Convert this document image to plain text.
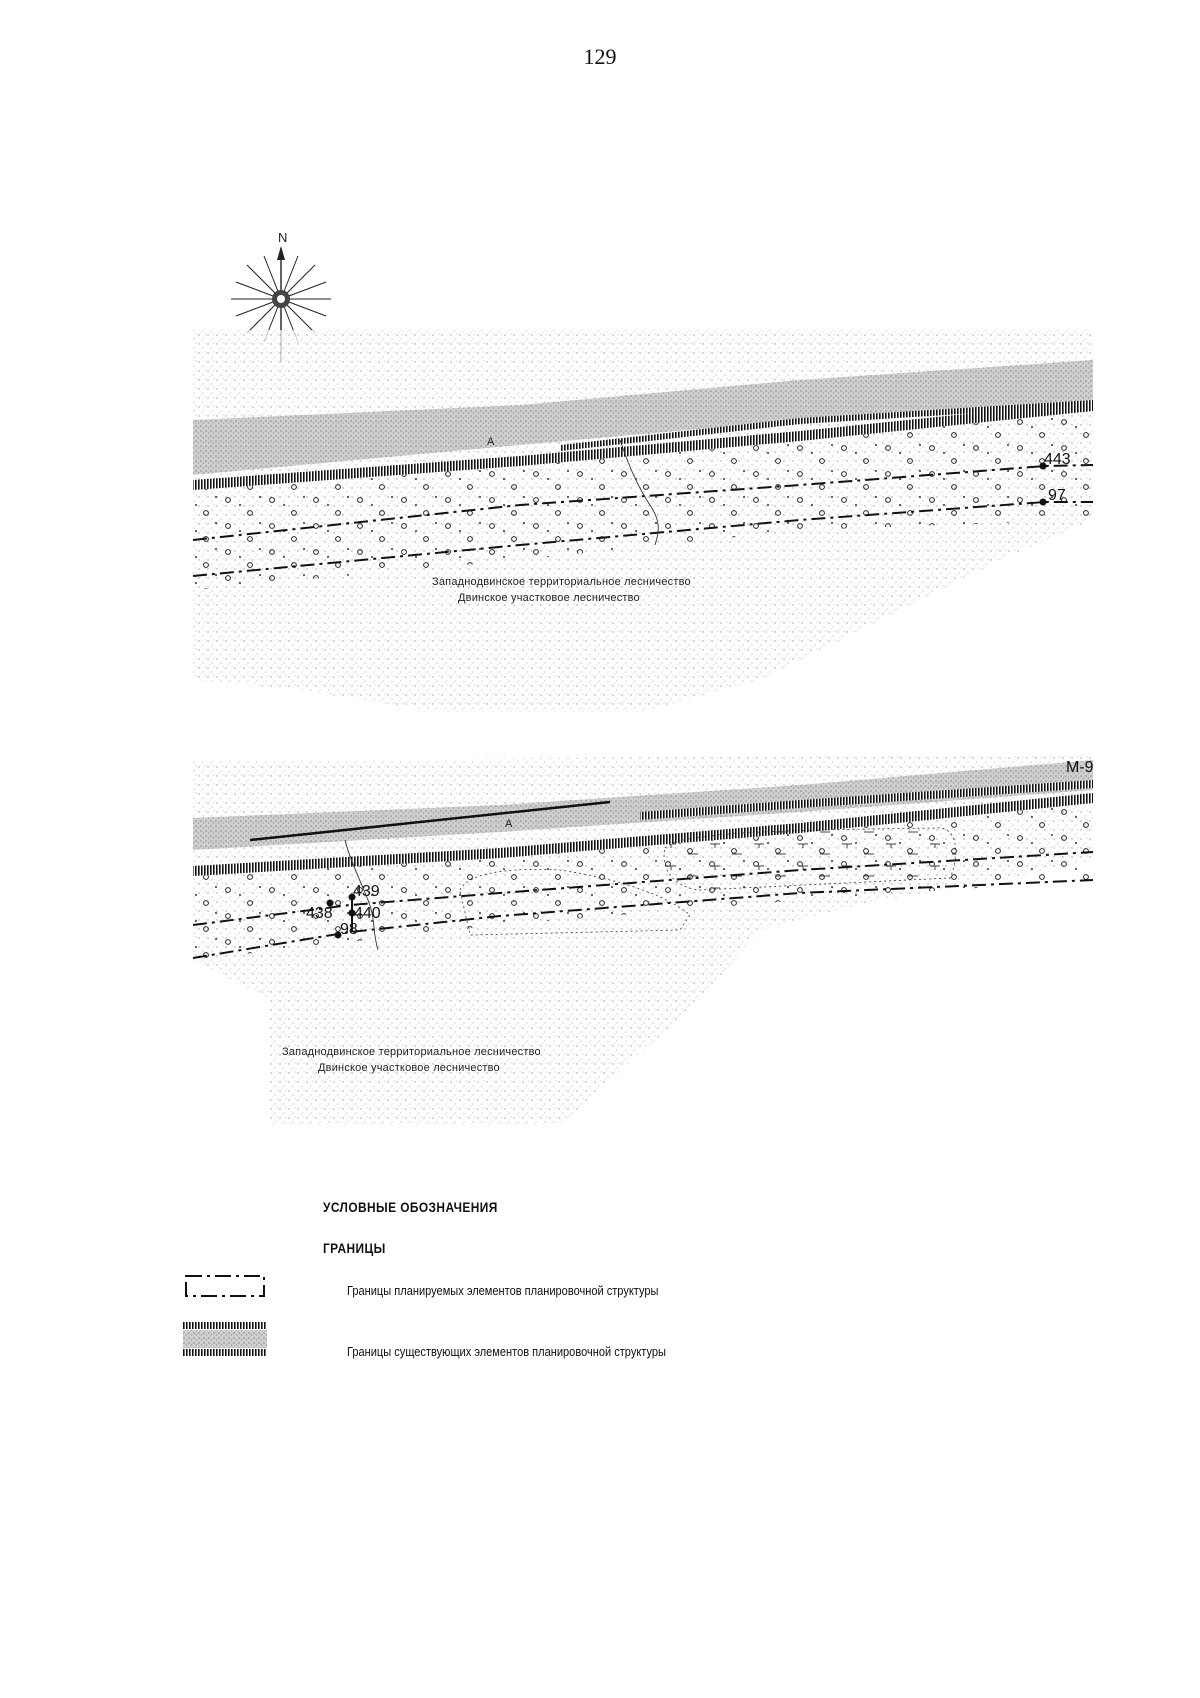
129
N
A
443
97
Западнодвинское территориальное лесничество
Двинское участковое лесничество
A
М-9
438
439
440
98
Западнодвинское территориальное лесничество
Двинское участковое лесничество
УСЛОВНЫЕ ОБОЗНАЧЕНИЯ
ГРАНИЦЫ
Границы планируемых элементов планировочной структуры
Границы существующих элементов планировочной структуры
